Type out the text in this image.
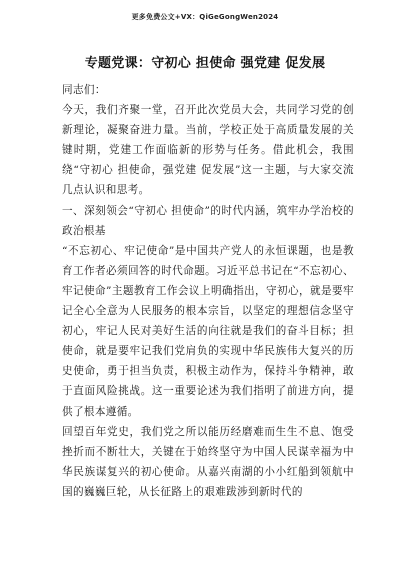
更多免费公文+VX：QiGeGongWen2024
专题党课：守初心 担使命 强党建 促发展

同志们：

今天，我们齐聚一堂，召开此次党员大会，共同学习党的创新理论，凝聚奋进力量。当前，学校正处于高质量发展的关键时期，党建工作面临新的形势与任务。借此机会，我围绕“守初心 担使命，强党建 促发展”这一主题，与大家交流几点认识和思考。

一、深刻领会“守初心 担使命”的时代内涵，筑牢办学治校的政治根基

“不忘初心、牢记使命”是中国共产党人的永恒课题，也是教育工作者必须回答的时代命题。习近平总书记在“不忘初心、牢记使命”主题教育工作会议上明确指出，守初心，就是要牢记全心全意为人民服务的根本宗旨，以坚定的理想信念坚守初心，牢记人民对美好生活的向往就是我们的奋斗目标；担使命，就是要牢记我们党肩负的实现中华民族伟大复兴的历史使命，勇于担当负责，积极主动作为，保持斗争精神，敢于直面风险挑战。这一重要论述为我们指明了前进方向，提供了根本遵循。

回望百年党史，我们党之所以能历经磨难而生生不息、饱受挫折而不断壮大，关键在于始终坚守为中国人民谋幸福为中华民族谋复兴的初心使命。从嘉兴南湖的小小红船到领航中国的巍巍巨轮，从长征路上的艰难跋涉到新时代的
